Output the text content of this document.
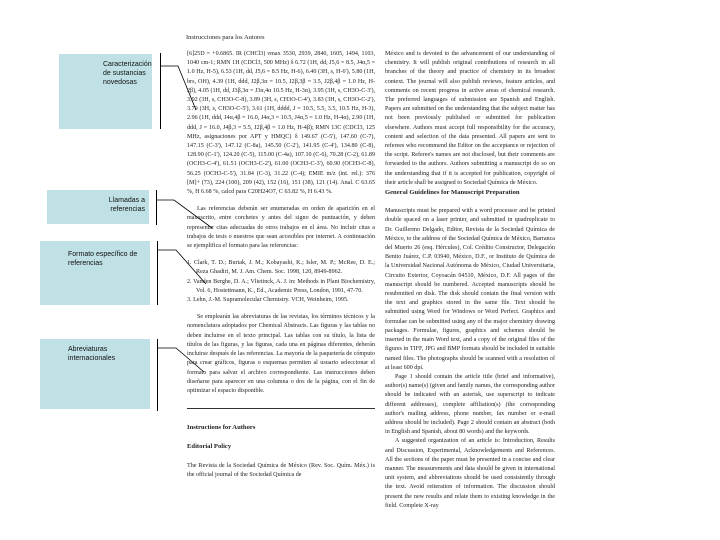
Caracterización de sustancias novedosas
Llamadas a referencias
Formato específico de referencias
Abreviaturas internacionales
Instrucciones para los Autores

[6]25D = +0.6865. IR (CHCl3) νmax 3530, 2939, 2840, 1605, 1494, 1103, 1040 cm-1; RMN 1H (CDCl3, 500 MHz) δ 6.72 (1H, dd, J5,6 = 8.5, J4α,5 = 1.0 Hz, H-5), 6.53 (1H, dd, J5,6 = 8.5 Hz, H-6), 6.40 (3H, s, H-6'), 5.80 (1H, brs, OH), 4.39 (1H, ddd, J2β,3α = 10.5, J2β,3β = 3.5, J2β,4β = 1.0 Hz, H-2β), 4.05 (1H, dd, J3β,3α = J3α,4α 10.5 Hz, H-3α), 3.95 (3H, s, CH3O-C-3'), 3.92 (3H, s, CH3O-C-8), 3.89 (3H, s, CH3O-C-4'), 3.83 (3H, s, CH3O-C-2'), 3.79 (3H, s, CH3O-C-5'), 3.61 (1H, dddd, J = 10.5, 5.5, 3.5, 10.5 Hz, H-3), 2.96 (1H, ddd, J4α,4β = 16.0, J4α,3 = 10.5, J4α,5 = 1.0 Hz, H-4α), 2.90 (1H, ddd, J = 16.0, J4β,3 = 5.5, J2β,4β = 1.0 Hz, H-4β); RMN 13C (CDCl3, 125 MHz, asignaciones por APT y HMQC) δ 149.67 (C-5'), 147.60 (C-7), 147.15 (C-3'), 147.12 (C-8a), 145.50 (C-2'), 141.95 (C-4'), 134.80 (C-8), 128.90 (C-1'), 124.20 (C-5), 115.00 (C-4a), 107.10 (C-6), 70.28 (C-2), 61.89 (OCH3-C-4'), 61.51 (OCH3-C-2'), 61.00 (OCH3-C-3'), 60.90 (OCH3-C-8), 56.25 (OCH3-C-5'), 31.84 (C-3), 31.22 (C-4); EMIE m/z (int. rel.): 376 [M]+ (73), 224 (100), 209 (42), 152 (16), 151 (38), 121 (14). Anal. C 63.65 %, H 6.68 %, calcd para C20H24O7, C 63.82 %, H 6.43 %.

Las referencias deberán ser enumeradas en orden de aparición en el manuscrito, entre corchetes y antes del signo de puntuación, y deben representar citas adecuadas de otros trabajos en el área. No incluir citas a trabajos de tesis o nuestros que sean accesibles por internet. A continuación se ejemplifica el formato para las referencias:

1. Clark, T. D.; Buriak, J. M.; Kobayashi, K.; Isler, M. P.; McRee, D. E.; Reza Ghadiri, M. J. Am. Chem. Soc. 1998, 120, 8949-8962.
2. Vanden Berghe, D. A.; Vlietinck, A. J. in: Methods in Plant Biochemistry, Vol. 6, Hostettmann, K., Ed., Academic Press, London, 1991, 47-70.
3. Lehn, J.-M. Supramolecular Chemistry. VCH, Weinheim, 1995.

Se emplearán las abreviaturas de las revistas, los términos técnicos y la nomenclatura adoptados por Chemical Abstracts. Las figuras y las tablas no deben incluirse en el texto principal. Las tablas con su título, la lista de títulos de las figuras, y las figuras, cada una en páginas diferentes, deberán incluirse después de las referencias. La mayoría de la paquetería de cómputo para crear gráficos, figuras o esquemas permiten al usuario seleccionar el formato para salvar el archivo correspondiente. Las instrucciones deben diseñarse para aparecer en una columna o dos de la página, con el fin de optimizar el espacio disponible.

Instructions for Authors

Editorial Policy

The Revista de la Sociedad Química de México (Rev. Soc. Quím. Méx.) is the official journal of the Sociedad Química de

México and is devoted to the advancement of our understanding of chemistry. It will publish original contributions of research in all branches of the theory and practice of chemistry in its broadest context. The journal will also publish reviews, feature articles, and comments on recent progress in active areas of chemical research. The preferred languages of submission are Spanish and English. Papers are submitted on the understanding that the subject matter has not been previously published or submitted for publication elsewhere. Authors must accept full responsibility for the accuracy, content and selection of the data presented. All papers are sent to referees who recommend the Editor on the acceptance or rejection of the script. Referee's names are not disclosed, but their comments are forwarded to the authors. Authors submitting a manuscript do so on the understanding that if it is accepted for publication, copyright of their article shall be assigned to Sociedad Química de México.

General Guidelines for Manuscript Preparation

Manuscripts must be prepared with a word processor and be printed double spaced on a laser printer, and submitted in quadruplicate to Dr. Guillermo Delgado, Editor, Revista de la Sociedad Química de México, to the address of the Sociedad Química de México, Barranca del Muerto 26 (esq. Hércules), Col. Crédito Constructor, Delegación Benito Juárez, C.P. 03940, México, D.F., or Instituto de Química de la Universidad Nacional Autónoma de México, Ciudad Universitaria, Circuito Exterior, Coyoacán 04510, México, D.F. All pages of the manuscript should be numbered. Accepted manuscripts should be resubmitted on disk. The disk should contain the final version with the text and graphics stored in the same file. Text should be submitted using Word for Windows or Word Perfect. Graphics and formulae can be submitted using any of the major chemistry drawing packages. Formulae, figures, graphics and schemes should be inserted in the main Word text, and a copy of the original files of the figures in TIFF, JPG and BMP formats should be included in suitable named files. The photographs should be scanned with a resolution of at least 600 dpi.

Page 1 should contain the article title (brief and informative), author(s) name(s) (given and family names, the corresponding author should be indicated with an asterisk, use superscript to indicate different addresses), complete affiliation(s) (the corresponding author's mailing address, phone number, fax number or e-mail address should be included). Page 2 should contain an abstract (both in English and Spanish, about 80 words) and the keywords.

A suggested organization of an article is: Introduction, Results and Discussion, Experimental, Acknowledgements and References. All the sections of the paper must be presented in a concise and clear manner. The measurements and data should be given in international unit system, and abbreviations should be used consistently through the text. Avoid reiteration of information. The discussion should present the new results and relate them to existing knowledge in the field. Complete X-ray
